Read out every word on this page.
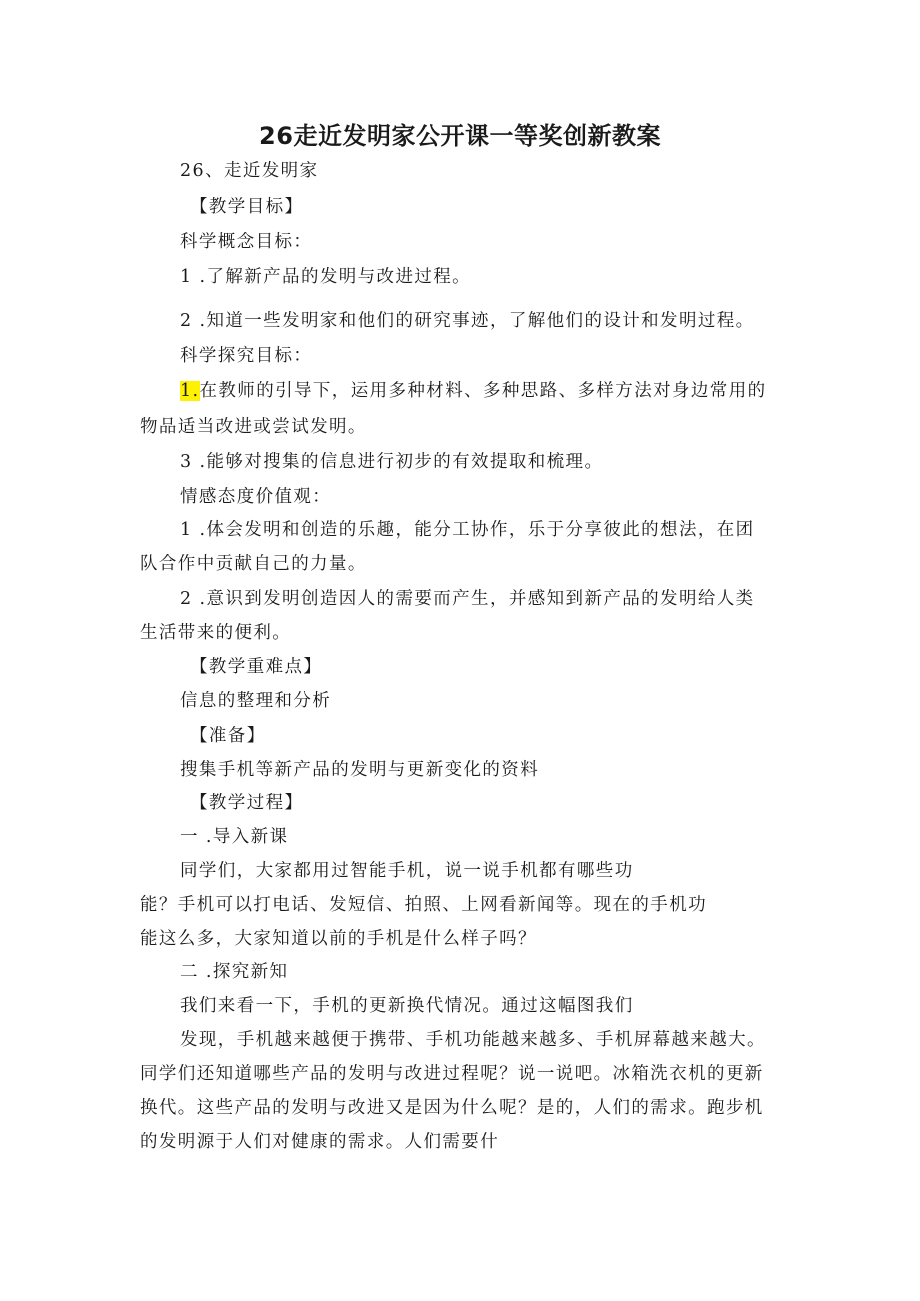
26走近发明家公开课一等奖创新教案
26、走近发明家
【教学目标】
科学概念目标：
1 .了解新产品的发明与改进过程。
2 .知道一些发明家和他们的研究事迹，了解他们的设计和发明过程。
科学探究目标：
1.在教师的引导下，运用多种材料、多种思路、多样方法对身边常用的
物品适当改进或尝试发明。
3 .能够对搜集的信息进行初步的有效提取和梳理。
情感态度价值观：
1 .体会发明和创造的乐趣，能分工协作，乐于分享彼此的想法，在团
队合作中贡献自己的力量。
2 .意识到发明创造因人的需要而产生，并感知到新产品的发明给人类
生活带来的便利。
【教学重难点】
信息的整理和分析
【准备】
搜集手机等新产品的发明与更新变化的资料
【教学过程】
一 .导入新课
同学们，大家都用过智能手机，说一说手机都有哪些功
能？手机可以打电话、发短信、拍照、上网看新闻等。现在的手机功
能这么多，大家知道以前的手机是什么样子吗？
二 .探究新知
我们来看一下，手机的更新换代情况。通过这幅图我们
发现，手机越来越便于携带、手机功能越来越多、手机屏幕越来越大。
同学们还知道哪些产品的发明与改进过程呢？说一说吧。冰箱洗衣机的更新
换代。这些产品的发明与改进又是因为什么呢？是的，人们的需求。跑步机
的发明源于人们对健康的需求。人们需要什
